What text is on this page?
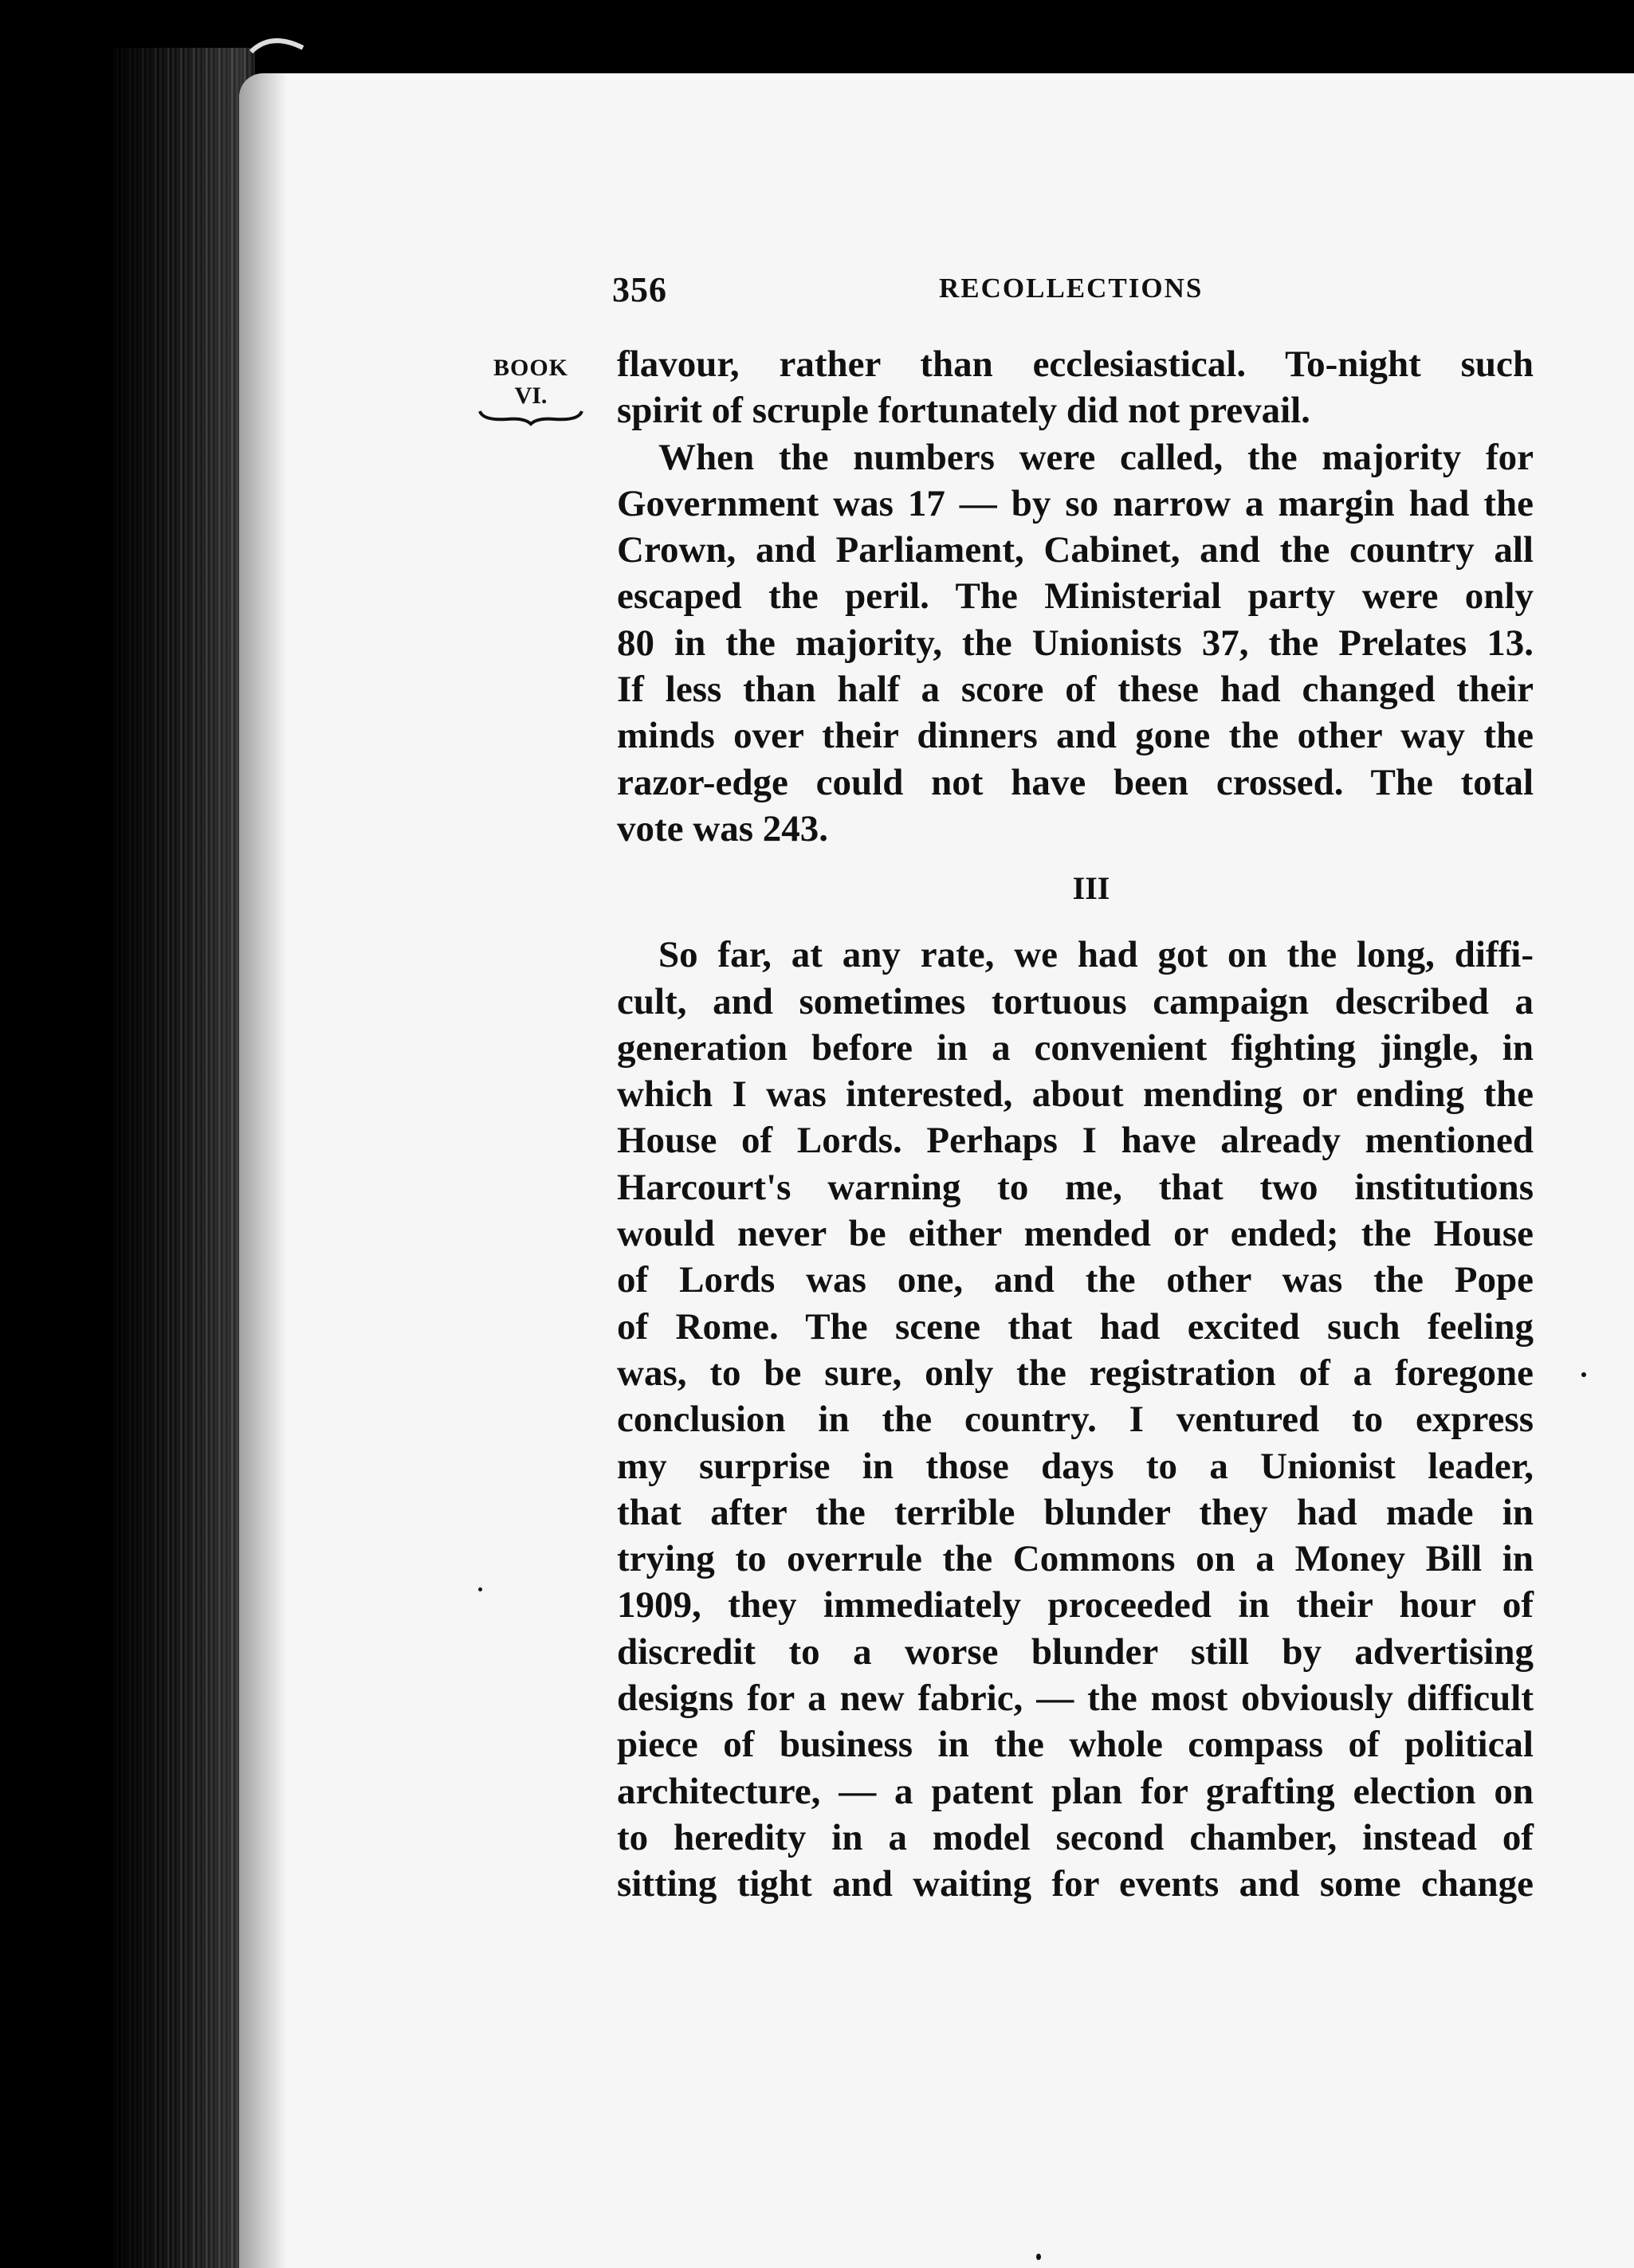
356	RECOLLECTIONS
BOOK
VI.
flavour, rather than ecclesiastical. To-night such
spirit of scruple fortunately did not prevail.
When the numbers were called, the majority for
Government was 17 — by so narrow a margin had the
Crown, and Parliament, Cabinet, and the country all
escaped the peril. The Ministerial party were only
80 in the majority, the Unionists 37, the Prelates 13.
If less than half a score of these had changed their
minds over their dinners and gone the other way the
razor-edge could not have been crossed. The total
vote was 243.
III
So far, at any rate, we had got on the long, diffi-
cult, and sometimes tortuous campaign described a
generation before in a convenient fighting jingle, in
which I was interested, about mending or ending the
House of Lords. Perhaps I have already mentioned
Harcourt's warning to me, that two institutions
would never be either mended or ended; the House
of Lords was one, and the other was the Pope
of Rome. The scene that had excited such feeling
was, to be sure, only the registration of a foregone
conclusion in the country. I ventured to express
my surprise in those days to a Unionist leader,
that after the terrible blunder they had made in
trying to overrule the Commons on a Money Bill in
1909, they immediately proceeded in their hour of
discredit to a worse blunder still by advertising
designs for a new fabric, — the most obviously difficult
piece of business in the whole compass of political
architecture, — a patent plan for grafting election on
to heredity in a model second chamber, instead of
sitting tight and waiting for events and some change
